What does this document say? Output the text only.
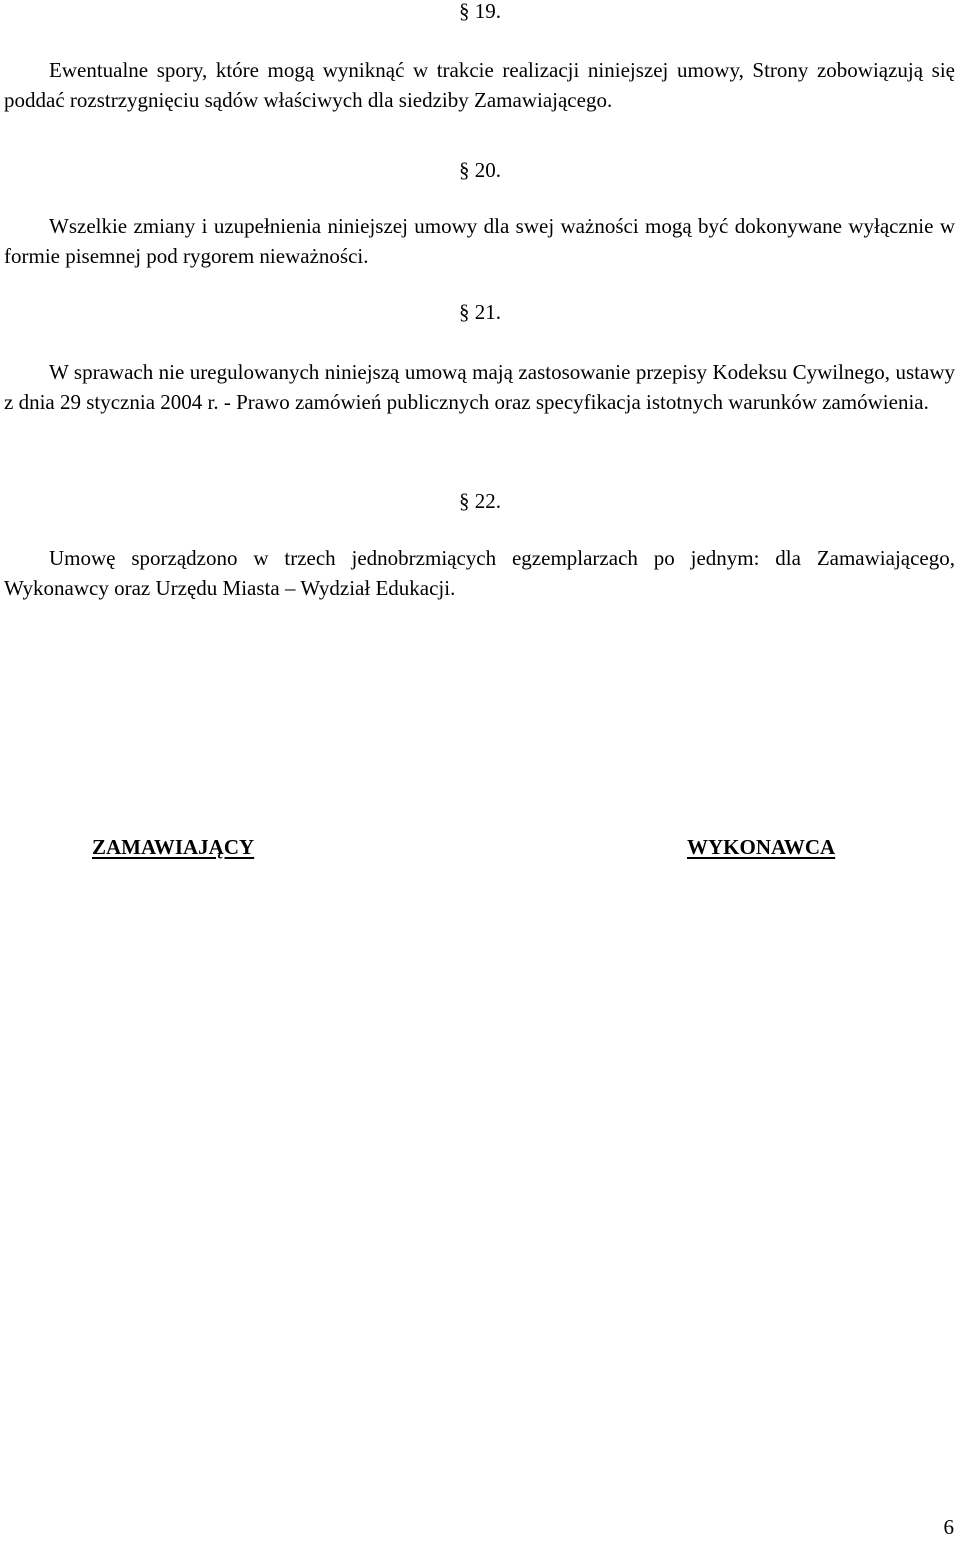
§ 19.

Ewentualne spory, które mogą wyniknąć w trakcie realizacji niniejszej umowy, Strony zobowiązują się poddać rozstrzygnięciu sądów właściwych dla siedziby Zamawiającego.

§ 20.

Wszelkie zmiany i uzupełnienia niniejszej umowy dla swej ważności mogą być dokonywane wyłącznie w formie pisemnej pod rygorem nieważności.

§ 21.

W sprawach nie uregulowanych niniejszą umową mają zastosowanie przepisy Kodeksu Cywilnego, ustawy z dnia 29 stycznia 2004 r. - Prawo zamówień publicznych oraz specyfikacja istotnych warunków zamówienia.

§ 22.

Umowę sporządzono w trzech jednobrzmiących egzemplarzach po jednym: dla Zamawiającego, Wykonawcy oraz Urzędu Miasta – Wydział Edukacji.

ZAMAWIAJĄCY	WYKONAWCA
6
